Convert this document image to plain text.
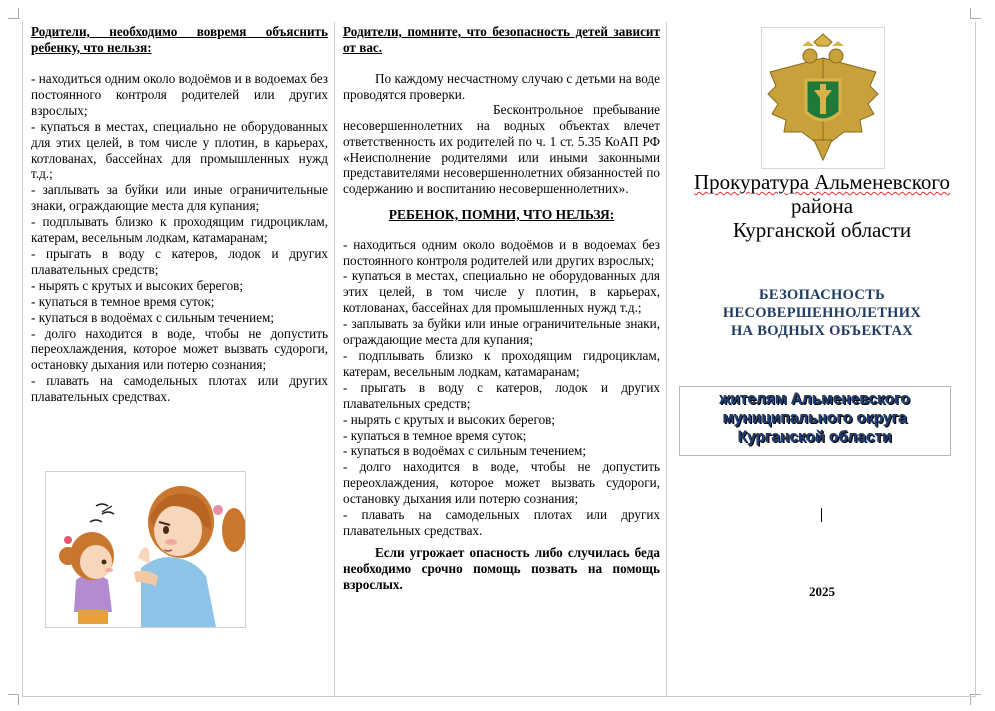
Родители, необходимо вовремя объяснить ребенку, что нельзя:

- находиться одним около водоёмов и в водоемах без постоянного контроля родителей или других взрослых;

- купаться в местах, специально не оборудованных для этих целей, в том числе у плотин, в карьерах, котлованах, бассейнах для промышленных нужд т.д.;

- заплывать за буйки или иные ограничительные знаки, ограждающие места для купания;

- подплывать близко к проходящим гидроциклам, катерам, весельным лодкам, катамаранам;

- прыгать в воду с катеров, лодок и других плавательных средств;

- нырять с крутых и высоких берегов;

- купаться в темное время суток;

- купаться в водоёмах с сильным течением;

- долго находится в воде, чтобы не допустить переохлаждения, которое может вызвать судороги, остановку дыхания или потерю сознания;

- плавать на самодельных плотах или других плавательных средствах.

Родители, помните, что безопасность детей зависит от вас.

По каждому несчастному случаю с детьми на воде проводятся проверки.

Бесконтрольное пребывание несовершеннолетних на водных объектах влечет ответственность их родителей по ч. 1 ст. 5.35 КоАП РФ «Неисполнение родителями или иными законными представителями несовершеннолетних обязанностей по содержанию и воспитанию несовершеннолетних».

РЕБЕНОК, ПОМНИ, ЧТО НЕЛЬЗЯ:

- находиться одним около водоёмов и в водоемах без постоянного контроля родителей или других взрослых;

- купаться в местах, специально не оборудованных для этих целей, в том числе у плотин, в карьерах, котлованах, бассейнах для промышленных нужд т.д.;

- заплывать за буйки или иные ограничительные знаки, ограждающие места для купания;

- подплывать близко к проходящим гидроциклам, катерам, весельным лодкам, катамаранам;

- прыгать в воду с катеров, лодок и других плавательных средств;

- нырять с крутых и высоких берегов;

- купаться в темное время суток;

- купаться в водоёмах с сильным течением;

- долго находится в воде, чтобы не допустить переохлаждения, которое может вызвать судороги, остановку дыхания или потерю сознания;

- плавать на самодельных плотах или других плавательных средствах.

Если угрожает опасность либо случилась беда необходимо срочно помощь позвать на помощь взрослых.

Прокуратура Альменевского
района
Курганской области
БЕЗОПАСНОСТЬ
НЕСОВЕРШЕННОЛЕТНИХ
НА ВОДНЫХ ОБЪЕКТАХ
жителям Альменевского
муниципального округа
Курганской области
2025
